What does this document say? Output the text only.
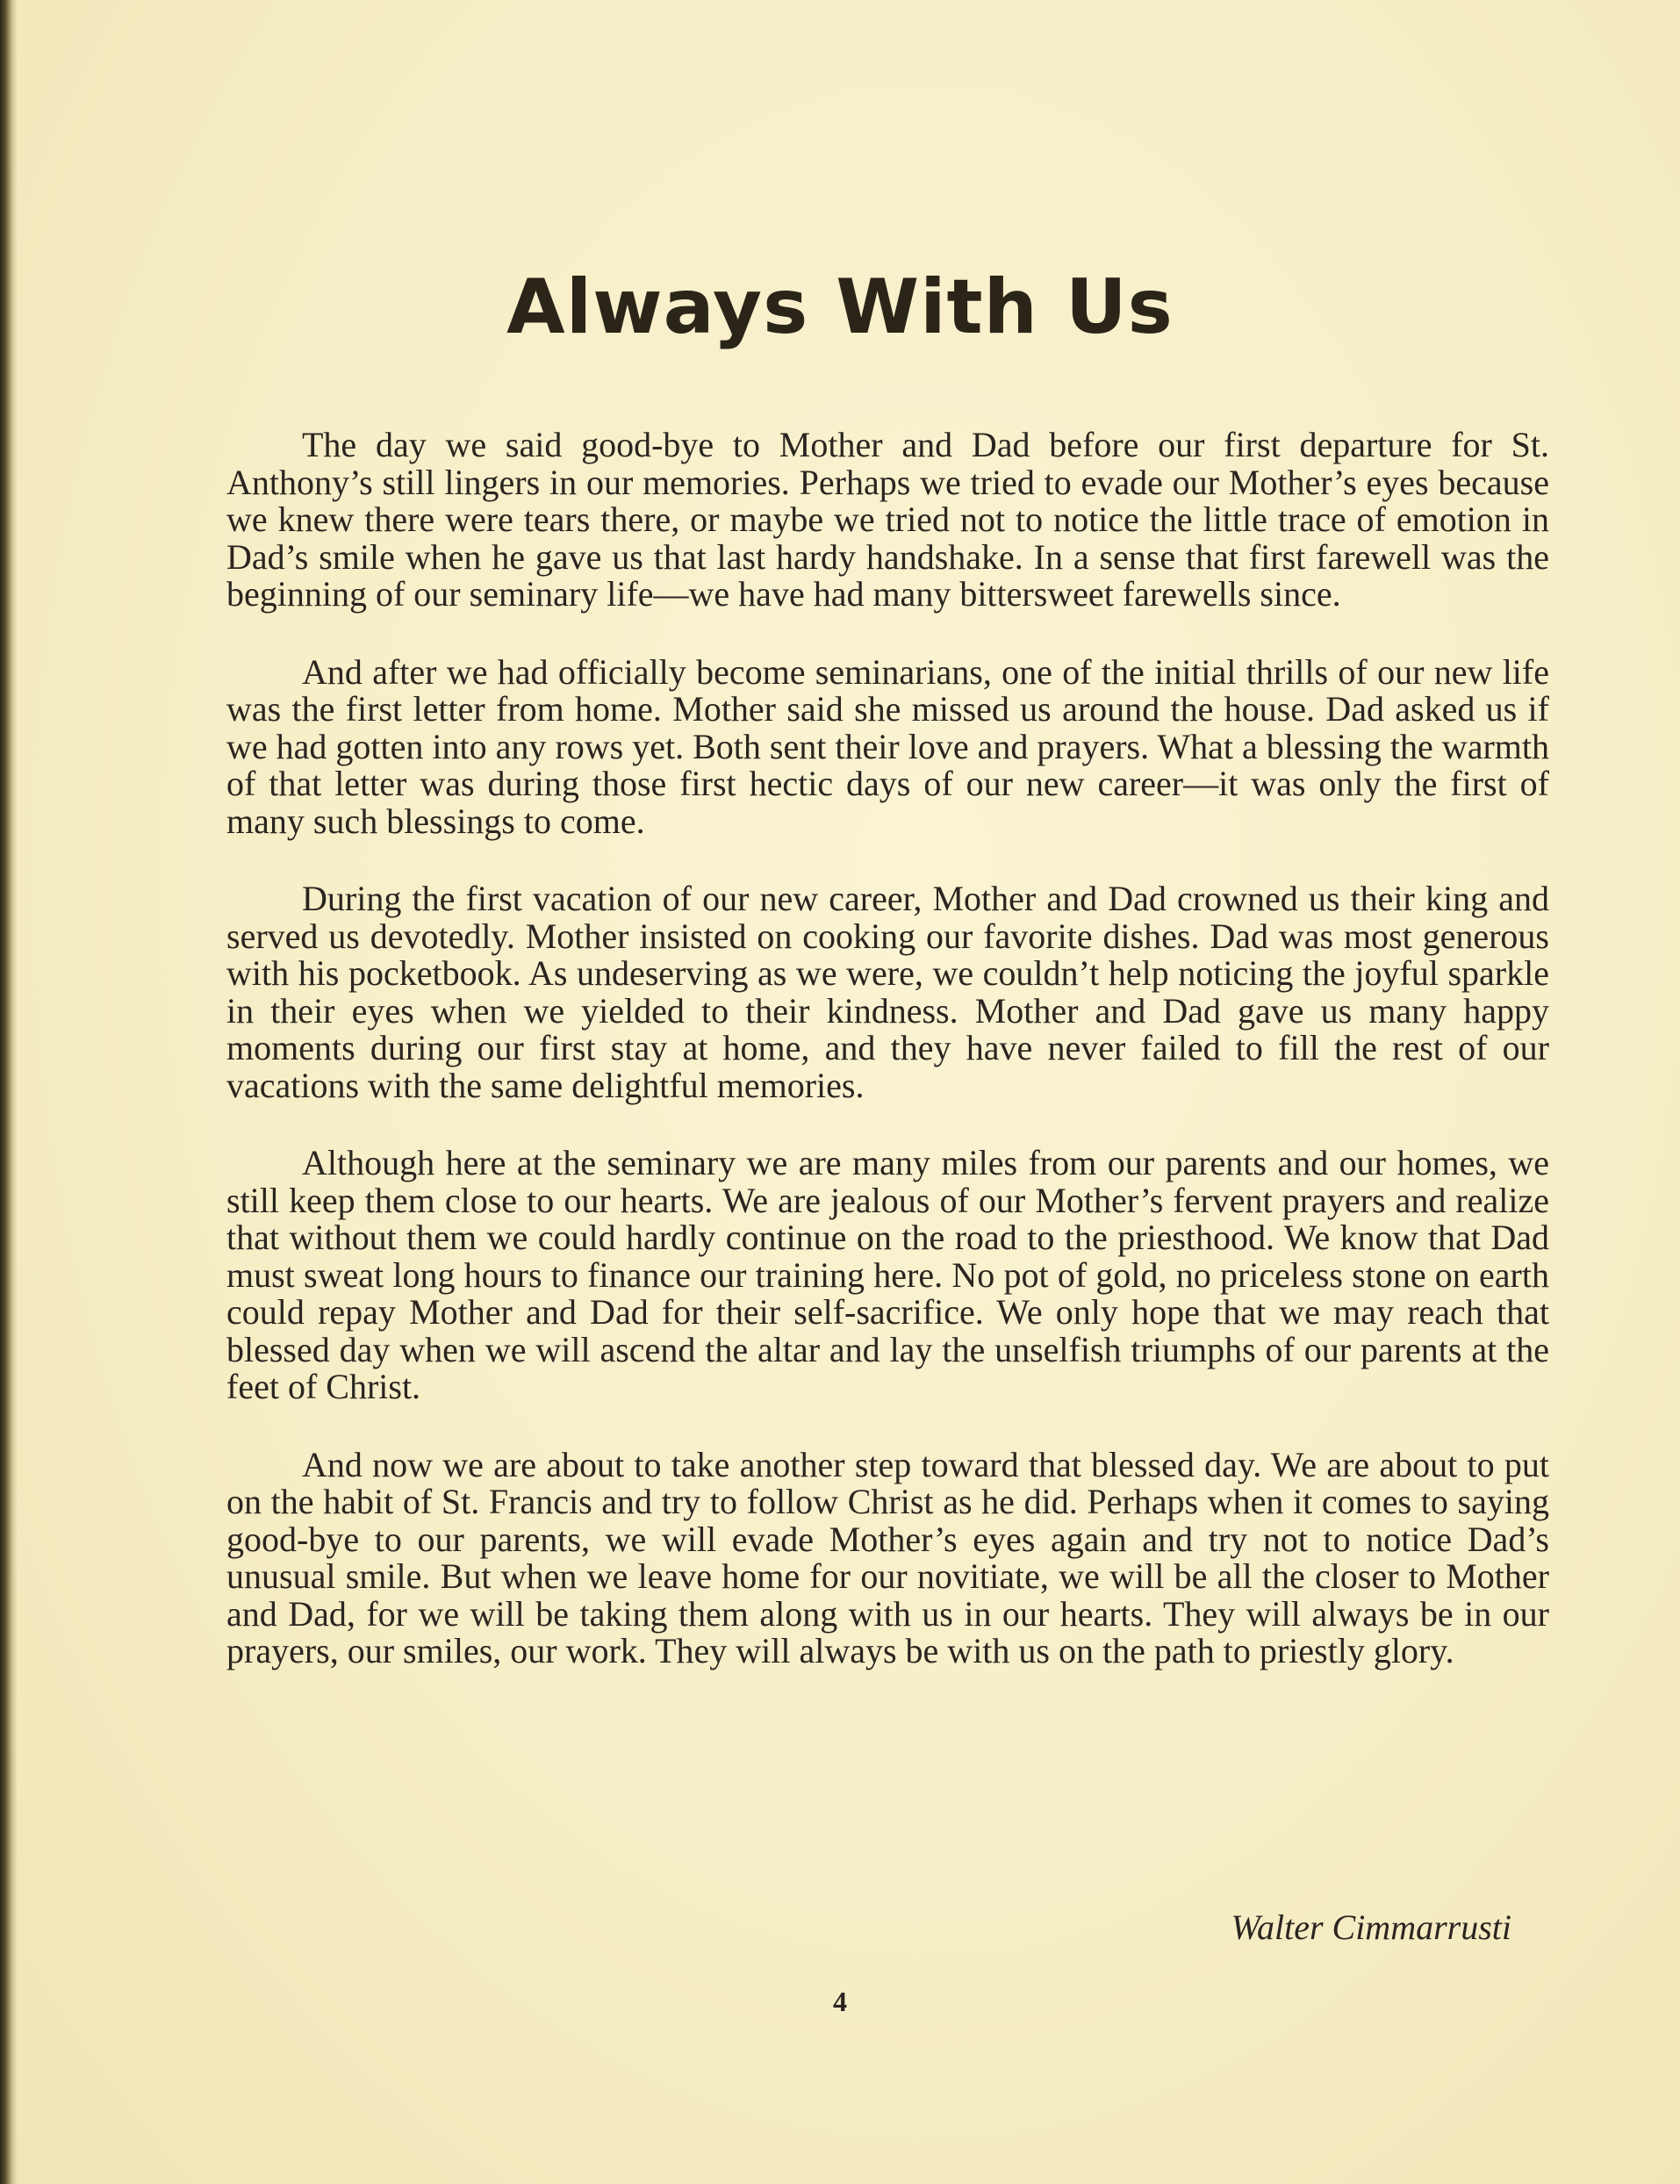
Always With Us

The day we said good-bye to Mother and Dad before our first departure for St. Anthony’s still lingers in our memories. Perhaps we tried to evade our Mother’s eyes because we knew there were tears there, or maybe we tried not to notice the little trace of emotion in Dad’s smile when he gave us that last hardy handshake. In a sense that first farewell was the beginning of our seminary life—we have had many bittersweet farewells since.

And after we had officially become seminarians, one of the initial thrills of our new life was the first letter from home. Mother said she missed us around the house. Dad asked us if we had gotten into any rows yet. Both sent their love and prayers. What a blessing the warmth of that letter was during those first hectic days of our new career—it was only the first of many such blessings to come.

During the first vacation of our new career, Mother and Dad crowned us their king and served us devotedly. Mother insisted on cooking our favorite dishes. Dad was most generous with his pocketbook. As undeserving as we were, we couldn’t help noticing the joyful sparkle in their eyes when we yielded to their kindness. Mother and Dad gave us many happy moments during our first stay at home, and they have never failed to fill the rest of our vacations with the same delightful memories.

Although here at the seminary we are many miles from our parents and our homes, we still keep them close to our hearts. We are jealous of our Mother’s fervent prayers and realize that without them we could hardly continue on the road to the priesthood. We know that Dad must sweat long hours to finance our training here. No pot of gold, no priceless stone on earth could repay Mother and Dad for their self-sacrifice. We only hope that we may reach that blessed day when we will ascend the altar and lay the unselfish triumphs of our parents at the feet of Christ.

And now we are about to take another step toward that blessed day. We are about to put on the habit of St. Francis and try to follow Christ as he did. Perhaps when it comes to saying good-bye to our parents, we will evade Mother’s eyes again and try not to notice Dad’s unusual smile. But when we leave home for our novitiate, we will be all the closer to Mother and Dad, for we will be taking them along with us in our hearts. They will always be in our prayers, our smiles, our work. They will always be with us on the path to priestly glory.

Walter Cimmarrusti
4
